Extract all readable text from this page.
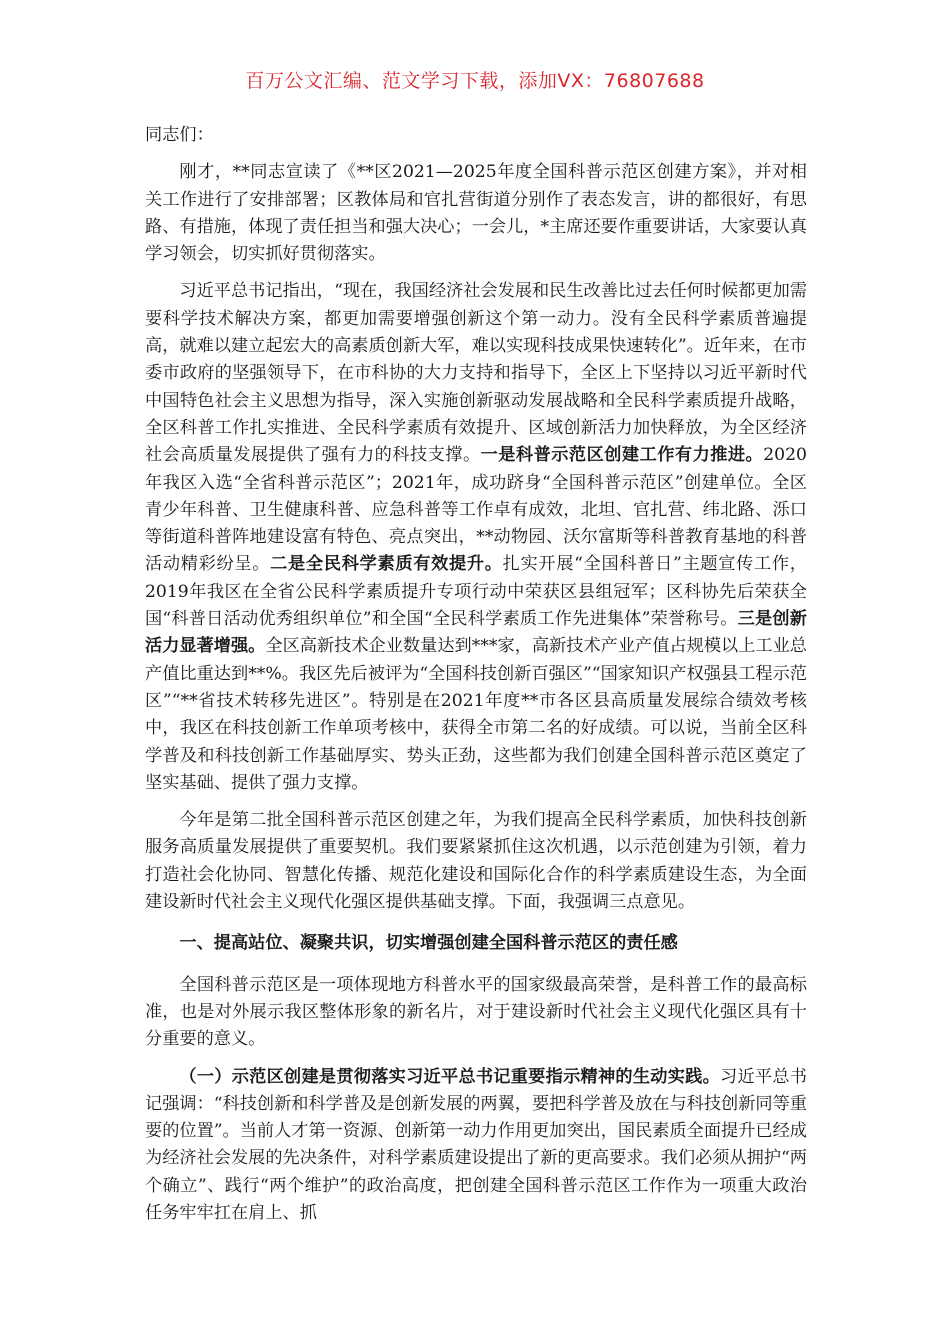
百万公文汇编、范文学习下载，添加VX：76807688

同志们：

刚才，**同志宣读了《**区2021—2025年度全国科普示范区创建方案》，并对相关工作进行了安排部署；区教体局和官扎营街道分别作了表态发言，讲的都很好，有思路、有措施，体现了责任担当和强大决心；一会儿，*主席还要作重要讲话，大家要认真学习领会，切实抓好贯彻落实。

习近平总书记指出，“现在，我国经济社会发展和民生改善比过去任何时候都更加需要科学技术解决方案，都更加需要增强创新这个第一动力。没有全民科学素质普遍提高，就难以建立起宏大的高素质创新大军，难以实现科技成果快速转化”。近年来，在市委市政府的坚强领导下，在市科协的大力支持和指导下，全区上下坚持以习近平新时代中国特色社会主义思想为指导，深入实施创新驱动发展战略和全民科学素质提升战略，全区科普工作扎实推进、全民科学素质有效提升、区域创新活力加快释放，为全区经济社会高质量发展提供了强有力的科技支撑。一是科普示范区创建工作有力推进。2020年我区入选“全省科普示范区”；2021年，成功跻身“全国科普示范区”创建单位。全区青少年科普、卫生健康科普、应急科普等工作卓有成效，北坦、官扎营、纬北路、泺口等街道科普阵地建设富有特色、亮点突出，**动物园、沃尔富斯等科普教育基地的科普活动精彩纷呈。二是全民科学素质有效提升。扎实开展“全国科普日”主题宣传工作，2019年我区在全省公民科学素质提升专项行动中荣获区县组冠军；区科协先后荣获全国“科普日活动优秀组织单位”和全国“全民科学素质工作先进集体”荣誉称号。三是创新活力显著增强。全区高新技术企业数量达到***家，高新技术产业产值占规模以上工业总产值比重达到**%。我区先后被评为“全国科技创新百强区”“国家知识产权强县工程示范区”“**省技术转移先进区”。特别是在2021年度**市各区县高质量发展综合绩效考核中，我区在科技创新工作单项考核中，获得全市第二名的好成绩。可以说，当前全区科学普及和科技创新工作基础厚实、势头正劲，这些都为我们创建全国科普示范区奠定了坚实基础、提供了强力支撑。

今年是第二批全国科普示范区创建之年，为我们提高全民科学素质，加快科技创新服务高质量发展提供了重要契机。我们要紧紧抓住这次机遇，以示范创建为引领，着力打造社会化协同、智慧化传播、规范化建设和国际化合作的科学素质建设生态，为全面建设新时代社会主义现代化强区提供基础支撑。下面，我强调三点意见。

一、提高站位、凝聚共识，切实增强创建全国科普示范区的责任感

全国科普示范区是一项体现地方科普水平的国家级最高荣誉，是科普工作的最高标准，也是对外展示我区整体形象的新名片，对于建设新时代社会主义现代化强区具有十分重要的意义。

（一）示范区创建是贯彻落实习近平总书记重要指示精神的生动实践。习近平总书记强调：“科技创新和科学普及是创新发展的两翼，要把科学普及放在与科技创新同等重要的位置”。当前人才第一资源、创新第一动力作用更加突出，国民素质全面提升已经成为经济社会发展的先决条件，对科学素质建设提出了新的更高要求。我们必须从拥护“两个确立”、践行“两个维护”的政治高度，把创建全国科普示范区工作作为一项重大政治任务牢牢扛在肩上、抓
